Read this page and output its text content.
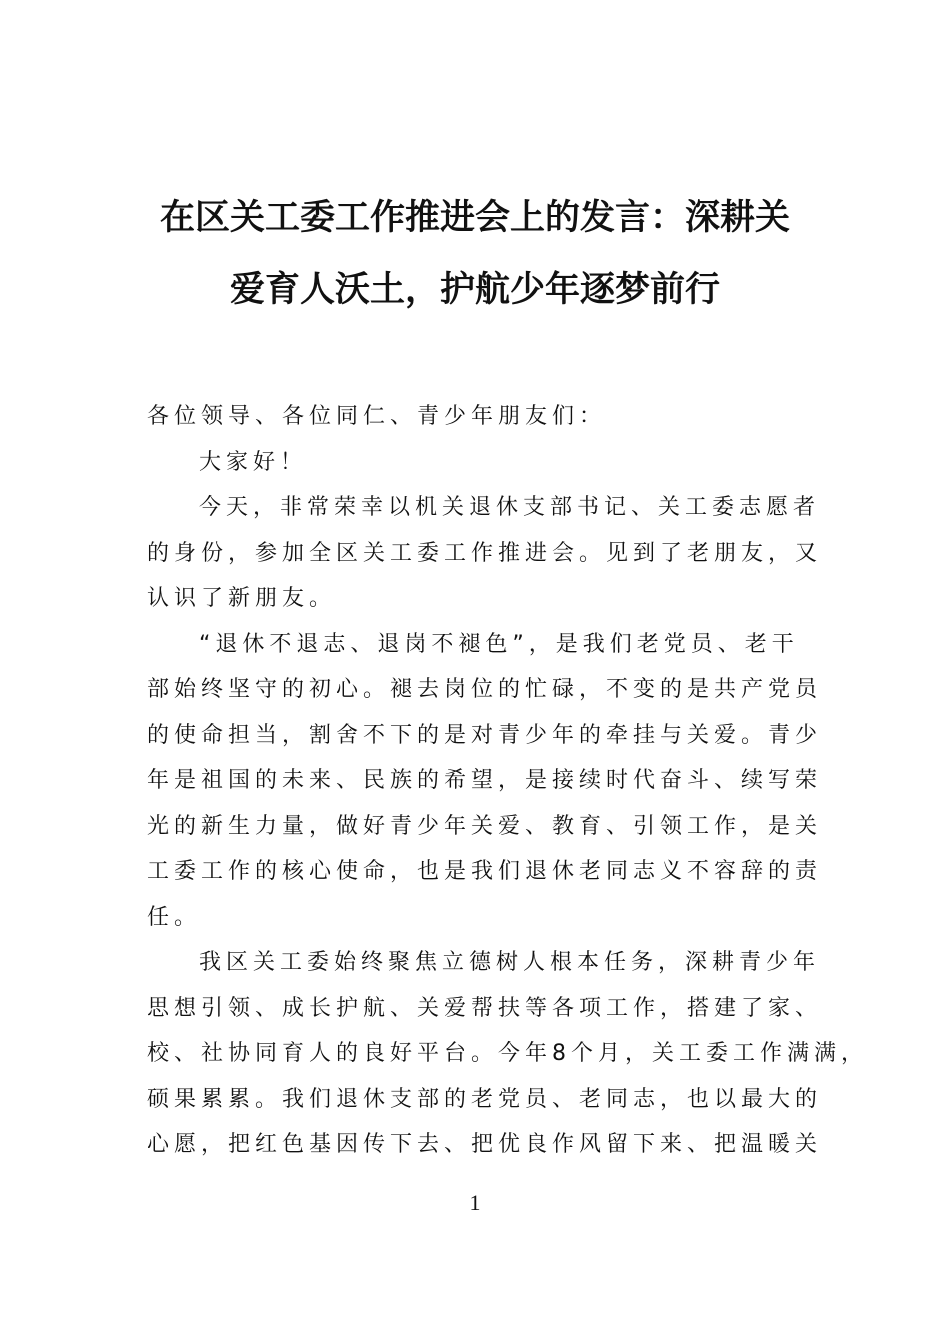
在区关工委工作推进会上的发言：深耕关
爱育人沃土，护航少年逐梦前行
各位领导、各位同仁、青少年朋友们：
大家好！
今天，非常荣幸以机关退休支部书记、关工委志愿者
的身份，参加全区关工委工作推进会。见到了老朋友，又
认识了新朋友。
“退休不退志、退岗不褪色”，是我们老党员、老干
部始终坚守的初心。褪去岗位的忙碌，不变的是共产党员
的使命担当，割舍不下的是对青少年的牵挂与关爱。青少
年是祖国的未来、民族的希望，是接续时代奋斗、续写荣
光的新生力量，做好青少年关爱、教育、引领工作，是关
工委工作的核心使命，也是我们退休老同志义不容辞的责
任。
我区关工委始终聚焦立德树人根本任务，深耕青少年
思想引领、成长护航、关爱帮扶等各项工作，搭建了家、
校、社协同育人的良好平台。今年8个月，关工委工作满满，
硕果累累。我们退休支部的老党员、老同志，也以最大的
心愿，把红色基因传下去、把优良作风留下来、把温暖关
1
